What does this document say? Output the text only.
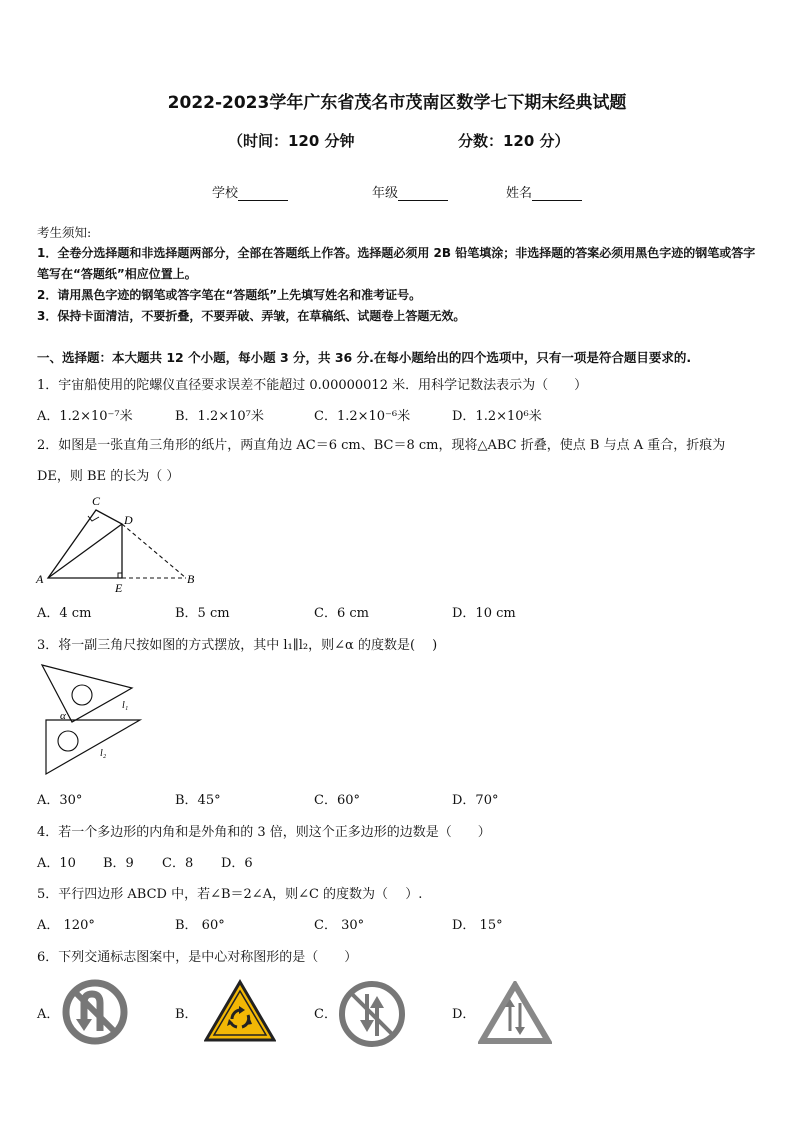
2022-2023学年广东省茂名市茂南区数学七下期末经典试题
（时间：120 分钟	分数：120 分）
学校	年级	姓名
考生须知:
1．全卷分选择题和非选择题两部分，全部在答题纸上作答。选择题必须用 2B 铅笔填涂；非选择题的答案必须用黑色字迹的钢笔或答字笔写在“答题纸”相应位置上。
2．请用黑色字迹的钢笔或答字笔在“答题纸”上先填写姓名和准考证号。
3．保持卡面清洁，不要折叠，不要弄破、弄皱，在草稿纸、试题卷上答题无效。
一、选择题：本大题共 12 个小题，每小题 3 分，共 36 分.在每小题给出的四个选项中，只有一项是符合题目要求的.
1．宇宙船使用的陀螺仪直径要求误差不能超过 0.00000012 米．用科学记数法表示为（　　）
A．1.2×10⁻⁷米	B．1.2×10⁷米	C．1.2×10⁻⁶米	D．1.2×10⁶米
2．如图是一张直角三角形的纸片，两直角边 AC＝6 cm、BC＝8 cm，现将△ABC 折叠，使点 B 与点 A 重合，折痕为 DE，则 BE 的长为（ ）
C
D
A
E
B
A．4 cm	B．5 cm	C．6 cm	D．10 cm
3．将一副三角尺按如图的方式摆放，其中 l₁∥l₂，则∠α 的度数是(　 )
α
l₁
l₂
A．30°	B．45°	C．60°	D．70°
4．若一个多边形的内角和是外角和的 3 倍，则这个正多边形的边数是（　　）
A．10 B．9 C．8 D．6
5．平行四边形 ABCD 中，若∠B＝2∠A，则∠C 的度数为（　 ）.
A． 120°	B． 60°	C． 30°	D． 15°
6．下列交通标志图案中，是中心对称图形的是（　　）
A．	B．	C．	D．
